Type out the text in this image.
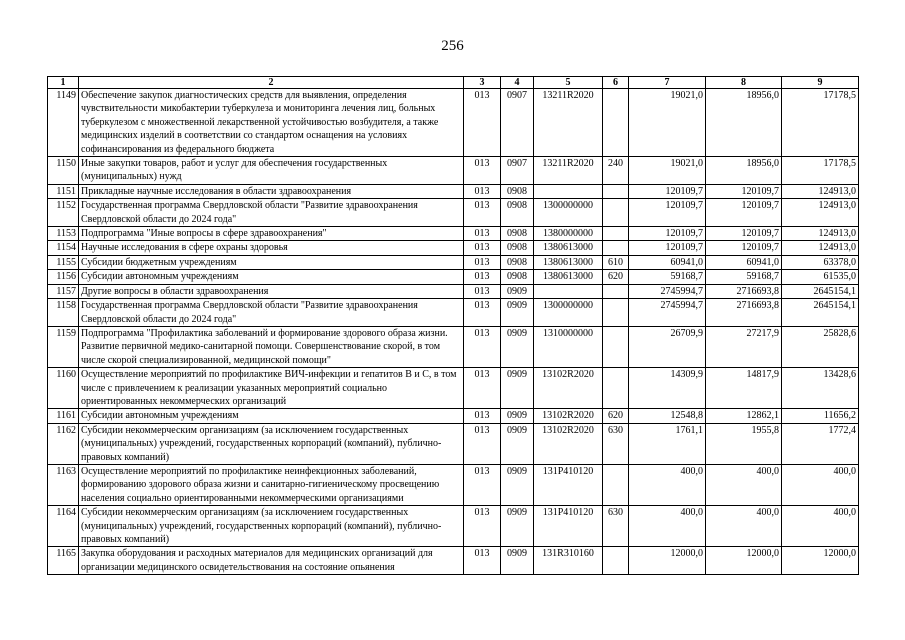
256
1	2	3	4	5	6	7	8	9
1149	Обеспечение закупок диагностических средств для выявления, определения чувствительности микобактерии туберкулеза и мониторинга лечения лиц, больных туберкулезом с множественной лекарственной устойчивостью возбудителя, а также медицинских изделий в соответствии со стандартом оснащения на условиях софинансирования из федерального бюджета	013	0907	13211R2020		19021,0	18956,0	17178,5
1150	Иные закупки товаров, работ и услуг для обеспечения государственных (муниципальных) нужд	013	0907	13211R2020	240	19021,0	18956,0	17178,5
1151	Прикладные научные исследования в области здравоохранения	013	0908			120109,7	120109,7	124913,0
1152	Государственная программа Свердловской области "Развитие здравоохранения Свердловской области до 2024 года"	013	0908	1300000000		120109,7	120109,7	124913,0
1153	Подпрограмма "Иные вопросы в сфере здравоохранения"	013	0908	1380000000		120109,7	120109,7	124913,0
1154	Научные исследования в сфере охраны здоровья	013	0908	1380613000		120109,7	120109,7	124913,0
1155	Субсидии бюджетным учреждениям	013	0908	1380613000	610	60941,0	60941,0	63378,0
1156	Субсидии автономным учреждениям	013	0908	1380613000	620	59168,7	59168,7	61535,0
1157	Другие вопросы в области здравоохранения	013	0909			2745994,7	2716693,8	2645154,1
1158	Государственная программа Свердловской области "Развитие здравоохранения Свердловской области до 2024 года"	013	0909	1300000000		2745994,7	2716693,8	2645154,1
1159	Подпрограмма "Профилактика заболеваний и формирование здорового образа жизни. Развитие первичной медико-санитарной помощи. Совершенствование скорой, в том числе скорой специализированной, медицинской помощи"	013	0909	1310000000		26709,9	27217,9	25828,6
1160	Осуществление мероприятий по профилактике ВИЧ-инфекции и гепатитов В и С, в том числе с привлечением к реализации указанных мероприятий социально ориентированных некоммерческих организаций	013	0909	13102R2020		14309,9	14817,9	13428,6
1161	Субсидии автономным учреждениям	013	0909	13102R2020	620	12548,8	12862,1	11656,2
1162	Субсидии некоммерческим организациям (за исключением государственных (муниципальных) учреждений, государственных корпораций (компаний), публично-правовых компаний)	013	0909	13102R2020	630	1761,1	1955,8	1772,4
1163	Осуществление мероприятий по профилактике неинфекционных заболеваний, формированию здорового образа жизни и санитарно-гигиеническому просвещению населения социально ориентированными некоммерческими организациями	013	0909	131Р410120		400,0	400,0	400,0
1164	Субсидии некоммерческим организациям (за исключением государственных (муниципальных) учреждений, государственных корпораций (компаний), публично-правовых компаний)	013	0909	131Р410120	630	400,0	400,0	400,0
1165	Закупка оборудования и расходных материалов для медицинских организаций для организации медицинского освидетельствования на состояние опьянения	013	0909	131R310160		12000,0	12000,0	12000,0
